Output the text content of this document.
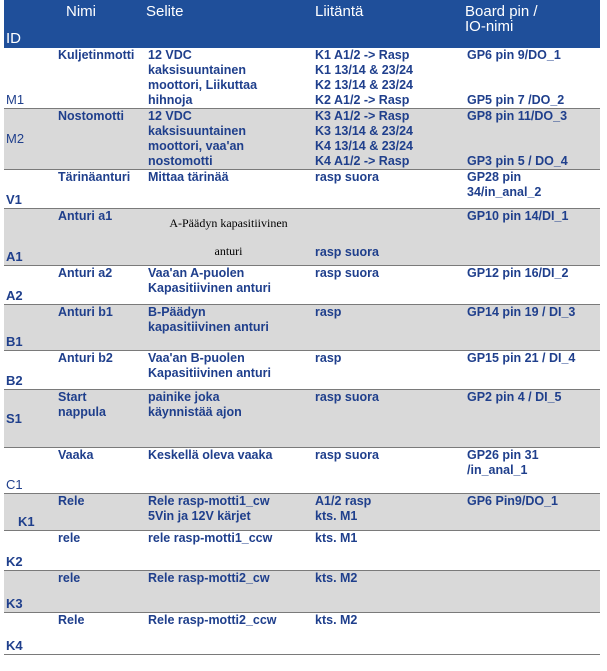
ID	Nimi	Selite	Liitäntä	Board pin /
IO-nimi
M1	Kuljetinmotti	12 VDC
kaksisuuntainen
moottori, Liikuttaa
hihnoja	K1 A1/2 -> Rasp
K1 13/14 & 23/24
K2 13/14 & 23/24
K2 A1/2 -> Rasp	GP6 pin 9/DO_1
GP5 pin 7 /DO_2

M2	Nostomotti	12 VDC
kaksisuuntainen
moottori, vaa'an
nostomotti	K3 A1/2 -> Rasp
K3 13/14 & 23/24
K4 13/14 & 23/24
K4 A1/2 -> Rasp	GP8 pin 11/DO_3
GP3 pin 5 / DO_4

V1	Tärinäanturi	Mittaa tärinää	rasp suora	GP28 pin
34/in_anal_2

A1	Anturi a1	A-Päädyn kapasitiivinen
anturi	rasp suora	GP10 pin 14/DI_1
A2	Anturi a2	Vaa'an A-puolen
Kapasitiivinen anturi	rasp suora	GP12 pin 16/DI_2
B1	Anturi b1	B-Päädyn
kapasitiivinen anturi	rasp	GP14 pin 19 / DI_3
B2	Anturi b2	Vaa'an B-puolen
Kapasitiivinen anturi	rasp	GP15 pin 21 / DI_4
S1	Start
nappula	painike joka
käynnistää ajon	rasp suora	GP2 pin 4 / DI_5
C1	Vaaka	Keskellä oleva vaaka	rasp suora	GP26 pin 31
/in_anal_1

K1	Rele	Rele rasp-motti1_cw
5Vin ja 12V kärjet	A1/2 rasp
kts. M1	GP6 Pin9/DO_1
K2	rele	rele rasp-motti1_ccw	kts. M1	
K3	rele	Rele rasp-motti2_cw	kts. M2	
K4	Rele	Rele rasp-motti2_ccw	kts. M2	
